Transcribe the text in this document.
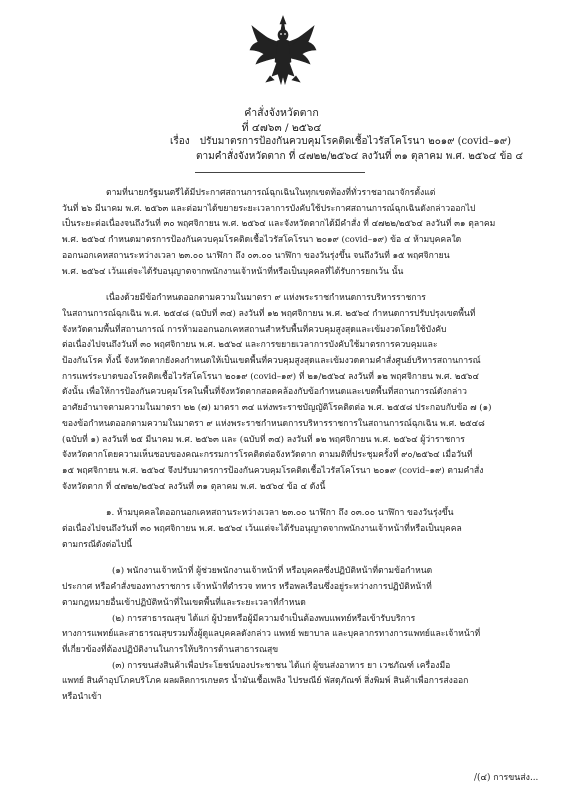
คำสั่งจังหวัดตาก
ที่ ๔๗๖๓ / ๒๕๖๔
เรื่อง ปรับมาตรการป้องกันควบคุมโรคติดเชื้อไวรัสโคโรนา ๒๐๑๙ (covid–๑๙)
ตามคำสั่งจังหวัดตาก ที่ ๔๗๒๒/๒๕๖๔ ลงวันที่ ๓๑ ตุลาคม พ.ศ. ๒๕๖๔ ข้อ ๔

ตามที่นายกรัฐมนตรีได้มีประกาศสถานการณ์ฉุกเฉินในทุกเขตท้องที่ทั่วราชอาณาจักรตั้งแต่

วันที่ ๒๖ มีนาคม พ.ศ. ๒๕๖๓ และต่อมาได้ขยายระยะเวลาการบังคับใช้ประกาศสถานการณ์ฉุกเฉินดังกล่าวออกไป

เป็นระยะต่อเนื่องจนถึงวันที่ ๓๐ พฤศจิกายน พ.ศ. ๒๕๖๔ และจังหวัดตากได้มีคำสั่ง ที่ ๔๗๒๒/๒๕๖๔ ลงวันที่ ๓๑ ตุลาคม

พ.ศ. ๒๕๖๔ กำหนดมาตรการป้องกันควบคุมโรคติดเชื้อไวรัสโคโรนา ๒๐๑๙ (covid–๑๙) ข้อ ๔ ห้ามบุคคลใด

ออกนอกเคหสถานระหว่างเวลา ๒๓.๐๐ นาฬิกา ถึง ๐๓.๐๐ นาฬิกา ของวันรุ่งขึ้น จนถึงวันที่ ๑๕ พฤศจิกายน

พ.ศ. ๒๕๖๔ เว้นแต่จะได้รับอนุญาตจากพนักงานเจ้าหน้าที่หรือเป็นบุคคลที่ได้รับการยกเว้น นั้น

เนื่องด้วยมีข้อกำหนดออกตามความในมาตรา ๙ แห่งพระราชกำหนดการบริหารราชการ

ในสถานการณ์ฉุกเฉิน พ.ศ. ๒๕๔๘ (ฉบับที่ ๓๔) ลงวันที่ ๑๒ พฤศจิกายน พ.ศ. ๒๕๖๔ กำหนดการปรับปรุงเขตพื้นที่

จังหวัดตามพื้นที่สถานการณ์ การห้ามออกนอกเคหสถานสำหรับพื้นที่ควบคุมสูงสุดและเข้มงวดโดยใช้บังคับ

ต่อเนื่องไปจนถึงวันที่ ๓๐ พฤศจิกายน พ.ศ. ๒๕๖๔ และการขยายเวลาการบังคับใช้มาตรการควบคุมและ

ป้องกันโรค ทั้งนี้ จังหวัดตากยังคงกำหนดให้เป็นเขตพื้นที่ควบคุมสูงสุดและเข้มงวดตามคำสั่งศูนย์บริหารสถานการณ์

การแพร่ระบาดของโรคติดเชื้อไวรัสโคโรนา ๒๐๑๙ (covid–๑๙) ที่ ๒๑/๒๕๖๔ ลงวันที่ ๑๒ พฤศจิกายน พ.ศ. ๒๕๖๔

ดังนั้น เพื่อให้การป้องกันควบคุมโรคในพื้นที่จังหวัดตากสอดคล้องกับข้อกำหนดและเขตพื้นที่สถานการณ์ดังกล่าว

อาศัยอำนาจตามความในมาตรา ๒๒ (๗) มาตรา ๓๔ แห่งพระราชบัญญัติโรคติดต่อ พ.ศ. ๒๕๕๘ ประกอบกับข้อ ๗ (๑)

ของข้อกำหนดออกตามความในมาตรา ๙ แห่งพระราชกำหนดการบริหารราชการในสถานการณ์ฉุกเฉิน พ.ศ. ๒๕๔๘

(ฉบับที่ ๑) ลงวันที่ ๒๕ มีนาคม พ.ศ. ๒๕๖๓ และ (ฉบับที่ ๓๔) ลงวันที่ ๑๒ พฤศจิกายน พ.ศ. ๒๕๖๔ ผู้ว่าราชการ

จังหวัดตากโดยความเห็นชอบของคณะกรรมการโรคติดต่อจังหวัดตาก ตามมติที่ประชุมครั้งที่ ๙๐/๒๕๖๔ เมื่อวันที่

๑๕ พฤศจิกายน พ.ศ. ๒๕๖๔ จึงปรับมาตรการป้องกันควบคุมโรคติดเชื้อไวรัสโคโรนา ๒๐๑๙ (covid–๑๙) ตามคำสั่ง

จังหวัดตาก ที่ ๔๗๒๒/๒๕๖๔ ลงวันที่ ๓๑ ตุลาคม พ.ศ. ๒๕๖๔ ข้อ ๔ ดังนี้

๑. ห้ามบุคคลใดออกนอกเคหสถานระหว่างเวลา ๒๓.๐๐ นาฬิกา ถึง ๐๓.๐๐ นาฬิกา ของวันรุ่งขึ้น

ต่อเนื่องไปจนถึงวันที่ ๓๐ พฤศจิกายน พ.ศ. ๒๕๖๔ เว้นแต่จะได้รับอนุญาตจากพนักงานเจ้าหน้าที่หรือเป็นบุคคล

ตามกรณีดังต่อไปนี้

(๑) พนักงานเจ้าหน้าที่ ผู้ช่วยพนักงานเจ้าหน้าที่ หรือบุคคลซึ่งปฏิบัติหน้าที่ตามข้อกำหนด

ประกาศ หรือคำสั่งของทางราชการ เจ้าหน้าที่ตำรวจ ทหาร หรือพลเรือนซึ่งอยู่ระหว่างการปฏิบัติหน้าที่

ตามกฎหมายอื่นเข้าปฏิบัติหน้าที่ในเขตพื้นที่และระยะเวลาที่กำหนด

(๒) การสาธารณสุข ได้แก่ ผู้ป่วยหรือผู้มีความจำเป็นต้องพบแพทย์หรือเข้ารับบริการ

ทางการแพทย์และสาธารณสุขรวมทั้งผู้ดูแลบุคคลดังกล่าว แพทย์ พยาบาล และบุคลากรทางการแพทย์และเจ้าหน้าที่

ที่เกี่ยวข้องที่ต้องปฏิบัติงานในการให้บริการด้านสาธารณสุข

(๓) การขนส่งสินค้าเพื่อประโยชน์ของประชาชน ได้แก่ ผู้ขนส่งอาหาร ยา เวชภัณฑ์ เครื่องมือ

แพทย์ สินค้าอุปโภคบริโภค ผลผลิตการเกษตร น้ำมันเชื้อเพลิง ไปรษณีย์ พัสดุภัณฑ์ สิ่งพิมพ์ สินค้าเพื่อการส่งออก

หรือนำเข้า

/(๔) การขนส่ง...
